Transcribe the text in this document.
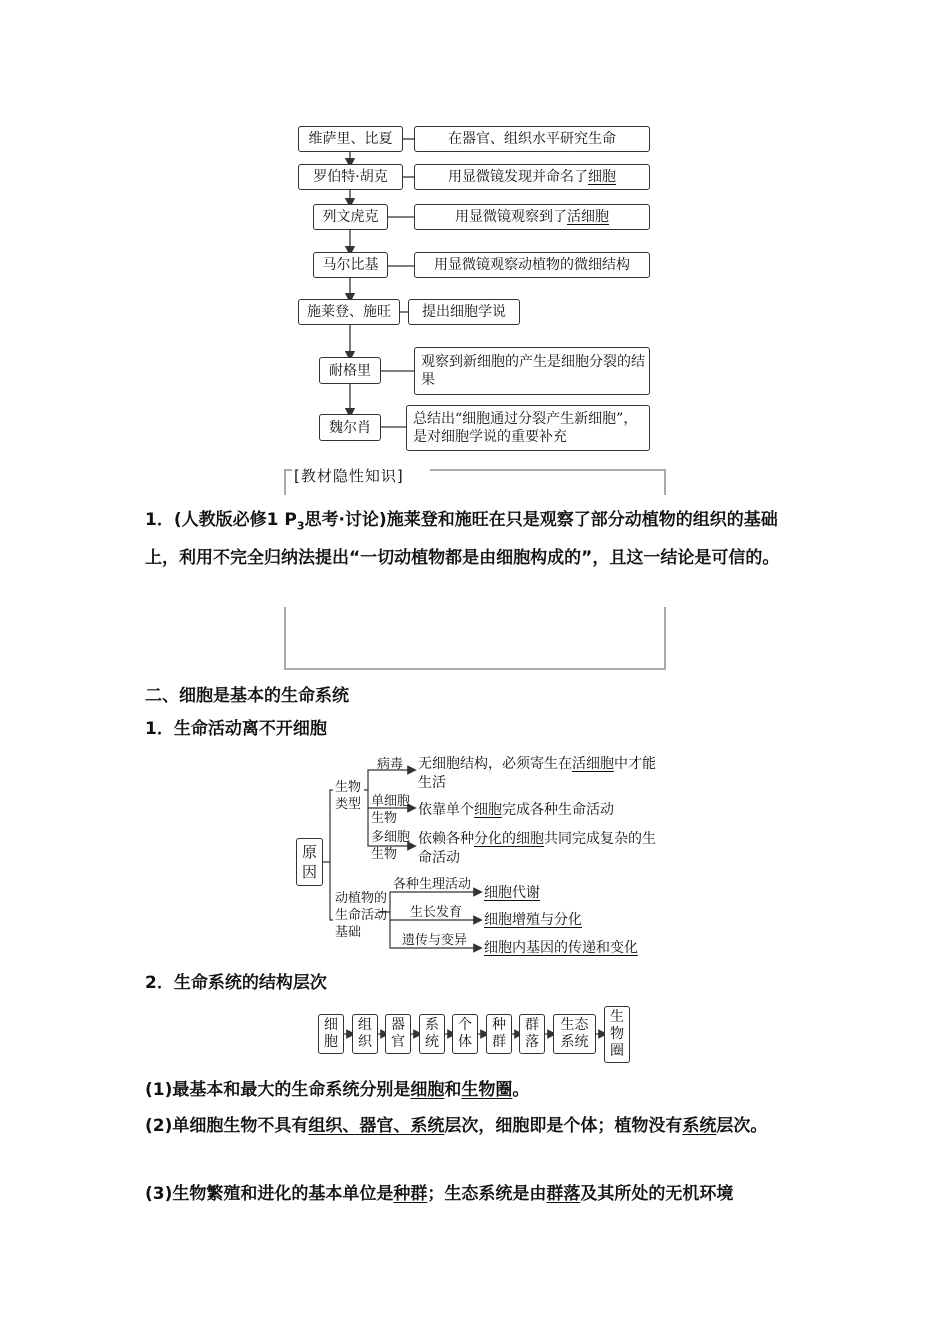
维萨里、比夏
罗伯特·胡克
列文虎克
马尔比基
施莱登、施旺
耐格里
魏尔肖
在器官、组织水平研究生命
用显微镜发现并命名了 细胞
用显微镜观察到了 活细胞
用显微镜观察动植物的微细结构
提出细胞学说
观察到新细胞的产生是细胞分裂的结果
总结出“细胞通过分裂产生新细胞”，是对细胞学说的重要补充
[教材隐性知识]
1．(人教版必修1 $P_3$思考·讨论)施莱登和施旺在只是观察了部分动植物的组织的基础上，利用不完全归纳法提出“一切动植物都是由细胞构成的”，且这一结论是可信的。
二、细胞是基本的生命系统
1．生命活动离不开细胞
原因
生物类型
动植物的生命活动基础
病毒
单细胞生物
多细胞生物
无细胞结构，必须寄生在活细胞中才能生活
依靠单个细胞完成各种生命活动
依赖各种分化的细胞共同完成复杂的生命活动
各种生理活动
生长发育
遗传与变异
细胞代谢
细胞增殖与分化
细胞内基因的传递和变化
2．生命系统的结构层次
细胞
组织
器官
系统
个体
种群
群落
生态系统
生物圈
(1)最基本和最大的生命系统分别是细胞和生物圈。
(2)单细胞生物不具有组织、器官、系统层次，细胞即是个体；植物没有系统层次。
(3)生物繁殖和进化的基本单位是种群；生态系统是由群落及其所处的无机环境
